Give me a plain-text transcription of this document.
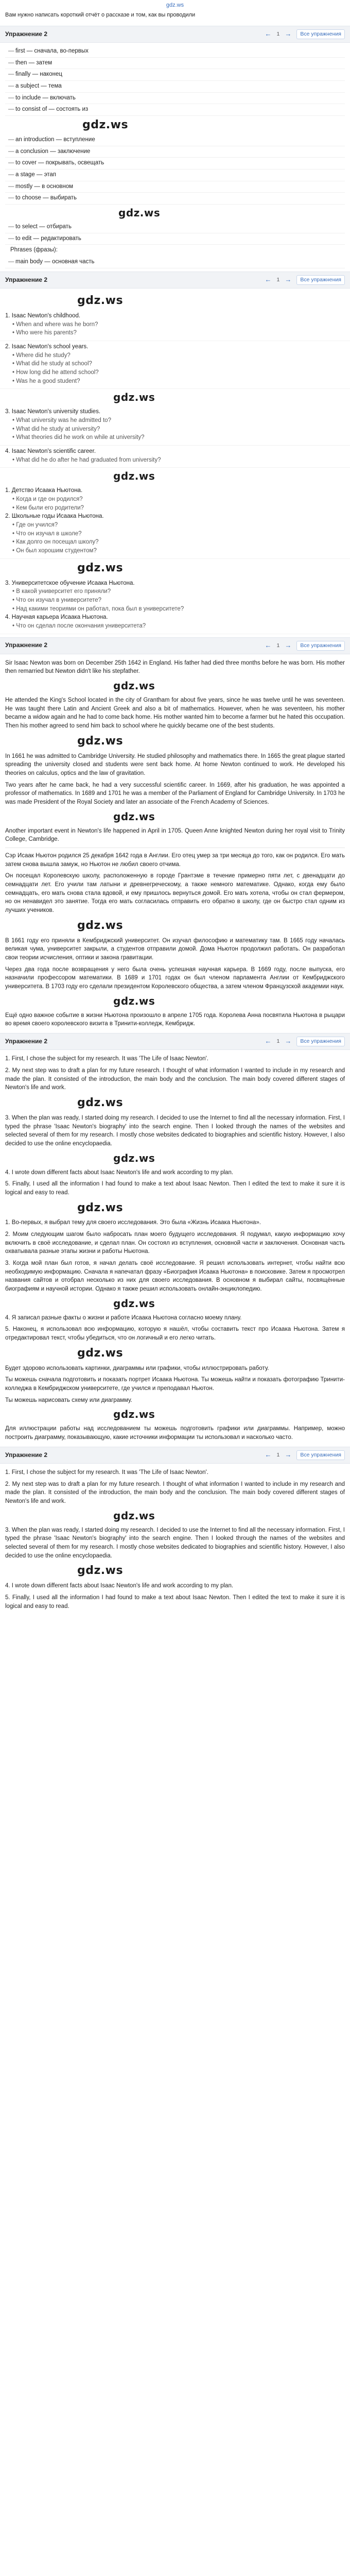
gdz.ws
Вам нужно написать короткий отчёт о рассказе и том, как вы проводили
Упражнение 2	← 1 →	Все упражнения
— first — сначала, во-первых
— then — затем
— finally — наконец
— a subject — тема
— to include — включать
— to consist of — состоять из
gdz.ws
— an introduction — вступление
— a conclusion — заключение
— to cover — покрывать, освещать
— a stage — этап
— mostly — в основном
— to choose — выбирать
gdz.ws
— to select — отбирать
— to edit — редактировать
Phrases (фразы):
— main body — основная часть
Упражнение 2	← 1 →	Все упражнения
gdz.ws
1. Isaac Newton's childhood.
• When and where was he born?
• Who were his parents?
2. Isaac Newton's school years.
• Where did he study?
• What did he study at school?
• How long did he attend school?
• Was he a good student?
gdz.ws
3. Isaac Newton's university studies.
• What university was he admitted to?
• What did he study at university?
• What theories did he work on while at university?
4. Isaac Newton's scientific career.
• What did he do after he had graduated from university?
gdz.ws
1. Детство Исаака Ньютона.
• Когда и где он родился?
• Кем были его родители?
2. Школьные годы Исаака Ньютона.
• Где он учился?
• Что он изучал в школе?
• Как долго он посещал школу?
• Он был хорошим студентом?
gdz.ws
3. Университетское обучение Исаака Ньютона.
• В какой университет его приняли?
• Что он изучал в университете?
• Над какими теориями он работал, пока был в университете?
4. Научная карьера Исаака Ньютона.
• Что он сделал после окончания университета?
Упражнение 2	← 1 →	Все упражнения
Sir Isaac Newton was born on December 25th 1642 in England. His father had died three months before he was born. His mother then remarried but Newton didn't like his stepfather.
gdz.ws
He attended the King's School located in the city of Grantham for about five years, since he was twelve until he was seventeen. He was taught there Latin and Ancient Greek and also a bit of mathematics. However, when he was seventeen, his mother became a widow again and he had to come back home. His mother wanted him to become a farmer but he hated this occupation. Then his mother agreed to send him back to school where he quickly became one of the best students.
gdz.ws
In 1661 he was admitted to Cambridge University. He studied philosophy and mathematics there. In 1665 the great plague started spreading the university closed and students were sent back home. At home Newton continued to work. He developed his theories on calculus, optics and the law of gravitation.
Two years after he came back, he had a very successful scientific career. In 1669, after his graduation, he was appointed a professor of mathematics. In 1689 and 1701 he was a member of the Parliament of England for Cambridge University. In 1703 he was made President of the Royal Society and later an associate of the French Academy of Sciences.
gdz.ws
Another important event in Newton's life happened in April in 1705. Queen Anne knighted Newton during her royal visit to Trinity College, Cambridge.
Сэр Исаак Ньютон родился 25 декабря 1642 года в Англии. Его отец умер за три месяца до того, как он родился. Его мать затем снова вышла замуж, но Ньютон не любил своего отчима.
Он посещал Королевскую школу, расположенную в городе Грантэме в течение примерно пяти лет, с двенадцати до семнадцати лет. Его учили там латыни и древнегреческому, а также немного математике. Однако, когда ему было семнадцать, его мать снова стала вдовой, и ему пришлось вернуться домой. Его мать хотела, чтобы он стал фермером, но он ненавидел это занятие. Тогда его мать согласилась отправить его обратно в школу, где он быстро стал одним из лучших учеников.
gdz.ws
В 1661 году его приняли в Кембриджский университет. Он изучал философию и математику там. В 1665 году началась великая чума, университет закрыли, а студентов отправили домой. Дома Ньютон продолжил работать. Он разработал свои теории исчисления, оптики и закона гравитации.
Через два года после возвращения у него была очень успешная научная карьера. В 1669 году, после выпуска, его назначили профессором математики. В 1689 и 1701 годах он был членом парламента Англии от Кембриджского университета. В 1703 году его сделали президентом Королевского общества, а затем членом Французской академии наук.
gdz.ws
Ещё одно важное событие в жизни Ньютона произошло в апреле 1705 года. Королева Анна посвятила Ньютона в рыцари во время своего королевского визита в Тринити-колледж, Кембридж.
Упражнение 2	← 1 →	Все упражнения
1. First, I chose the subject for my research. It was 'The Life of Isaac Newton'.
2. My next step was to draft a plan for my future research. I thought of what information I wanted to include in my research and made the plan. It consisted of the introduction, the main body and the conclusion. The main body covered different stages of Newton's life and work.
gdz.ws
3. When the plan was ready, I started doing my research. I decided to use the Internet to find all the necessary information. First, I typed the phrase 'Isaac Newton's biography' into the search engine. Then I looked through the names of the websites and selected several of them for my research. I mostly chose websites dedicated to biographies and scientific history. However, I also decided to use the online encyclopaedia.
gdz.ws
4. I wrote down different facts about Isaac Newton's life and work according to my plan.
5. Finally, I used all the information I had found to make a text about Isaac Newton. Then I edited the text to make it sure it is logical and easy to read.
gdz.ws
1. Во-первых, я выбрал тему для своего исследования. Это была «Жизнь Исаака Ньютона».
2. Моим следующим шагом было набросать план моего будущего исследования. Я подумал, какую информацию хочу включить в своё исследование, и сделал план. Он состоял из вступления, основной части и заключения. Основная часть охватывала разные этапы жизни и работы Ньютона.
3. Когда мой план был готов, я начал делать своё исследование. Я решил использовать интернет, чтобы найти всю необходимую информацию. Сначала я напечатал фразу «Биография Исаака Ньютона» в поисковике. Затем я просмотрел названия сайтов и отобрал несколько из них для своего исследования. В основном я выбирал сайты, посвящённые биографиям и научной истории. Однако я также решил использовать онлайн-энциклопедию.
gdz.ws
4. Я записал разные факты о жизни и работе Исаака Ньютона согласно моему плану.
5. Наконец, я использовал всю информацию, которую я нашёл, чтобы составить текст про Исаака Ньютона. Затем я отредактировал текст, чтобы убедиться, что он логичный и его легко читать.
gdz.ws
Будет здорово использовать картинки, диаграммы или графики, чтобы иллюстрировать работу.
Ты можешь сначала подготовить и показать портрет Исаака Ньютона. Ты можешь найти и показать фотографию Тринити-колледжа в Кембриджском университете, где учился и преподавал Ньютон.
Ты можешь нарисовать схему или диаграмму.
gdz.ws
Для иллюстрации работы над исследованием ты можешь подготовить графики или диаграммы. Например, можно построить диаграмму, показывающую, какие источники информации ты использовал и насколько часто.
Упражнение 2	← 1 →	Все упражнения
1. First, I chose the subject for my research. It was 'The Life of Isaac Newton'.
2. My next step was to draft a plan for my future research. I thought of what information I wanted to include in my research and made the plan. It consisted of the introduction, the main body and the conclusion. The main body covered different stages of Newton's life and work.
gdz.ws
3. When the plan was ready, I started doing my research. I decided to use the Internet to find all the necessary information. First, I typed the phrase 'Isaac Newton's biography' into the search engine. Then I looked through the names of the websites and selected several of them for my research. I mostly chose websites dedicated to biographies and scientific history. However, I also decided to use the online encyclopaedia.
gdz.ws
4. I wrote down different facts about Isaac Newton's life and work according to my plan.
5. Finally, I used all the information I had found to make a text about Isaac Newton. Then I edited the text to make it sure it is logical and easy to read.
